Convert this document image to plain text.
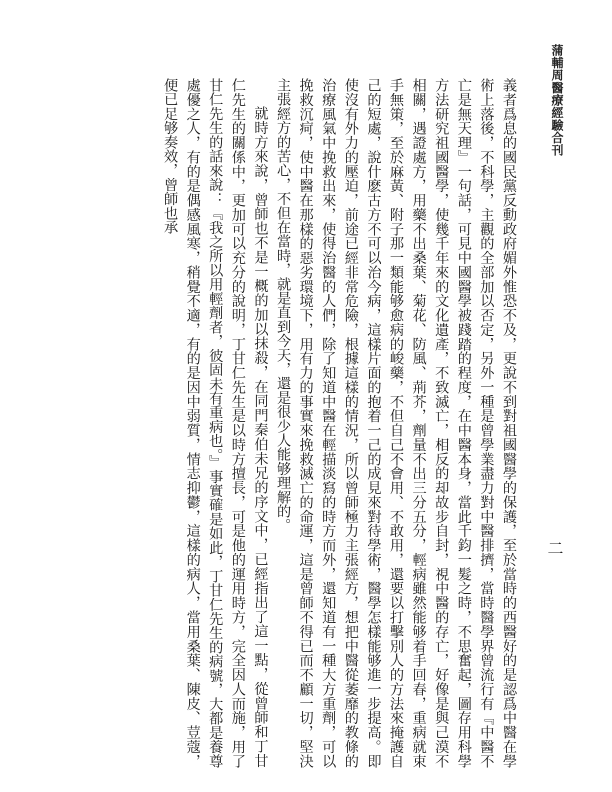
蒲輔周醫療經驗合刊
二

義者爲息的國民黨反動政府媚外惟恐不及，更說不到對祖國醫學的保護，至於當時的西醫好的是認爲中醫在學術上落後，不科學，主觀的全部加以否定，另外一種是曾學業盡力對中醫排擠，當時醫學界曾流行有『中醫不亡是無天理』一句話，可見中國醫學被踐踏的程度，在中醫本身，當此千鈞一髮之時，不思奮起，圖存用科學方法研究祖國醫學，使幾千年來的文化遺產，不致滅亡，相反的却故步自封，視中醫的存亡，好像是與己漠不相關，遇證處方，用藥不出桑葉、菊花、防風、荊芥，劑量不出三分五分，輕病雖然能够着手回春，重病就束手無策，至於麻黃、附子那一類能够愈病的峻藥，不但自己不會用、不敢用，還要以打擊別人的方法來掩護自己的短處，說什麽古方不可以治今病，這樣片面的抱着一己的成見來對待學術，醫學怎樣能够進一步提高。即使沒有外力的壓迫，前途已經非常危險，根據這樣的情況，所以曾師極力主張經方，想把中醫從萎靡的教條的治療風氣中挽救出來，使得治醫的人們，除了知道中醫在輕描淡寫的時方而外，還知道有一種大方重劑，可以挽救沉疴，使中醫在那樣的惡劣環境下，用有力的事實來挽救滅亡的命運，這是曾師不得已而不顧一切，堅決主張經方的苦心，不但在當時，就是直到今天，還是很少人能够理解的。

就時方來說，曾師也不是一概的加以抹殺，在同門秦伯未兄的序文中，已經指出了這一點，從曾師和丁甘仁先生的關係中，更加可以充分的說明，丁甘仁先生是以時方擅長，可是他的運用時方，完全因人而施，用了甘仁先生的話來說：『我之所以用輕劑者，彼固未有重病也。』事實確是如此，丁甘仁先生的病號，大都是養尊處優之人，有的是偶感風寒，稍覺不適，有的是因中弱質，情志抑鬱，這樣的病人，當用桑葉、陳皮、荳蔻，便已足够奏效，曾師也承
